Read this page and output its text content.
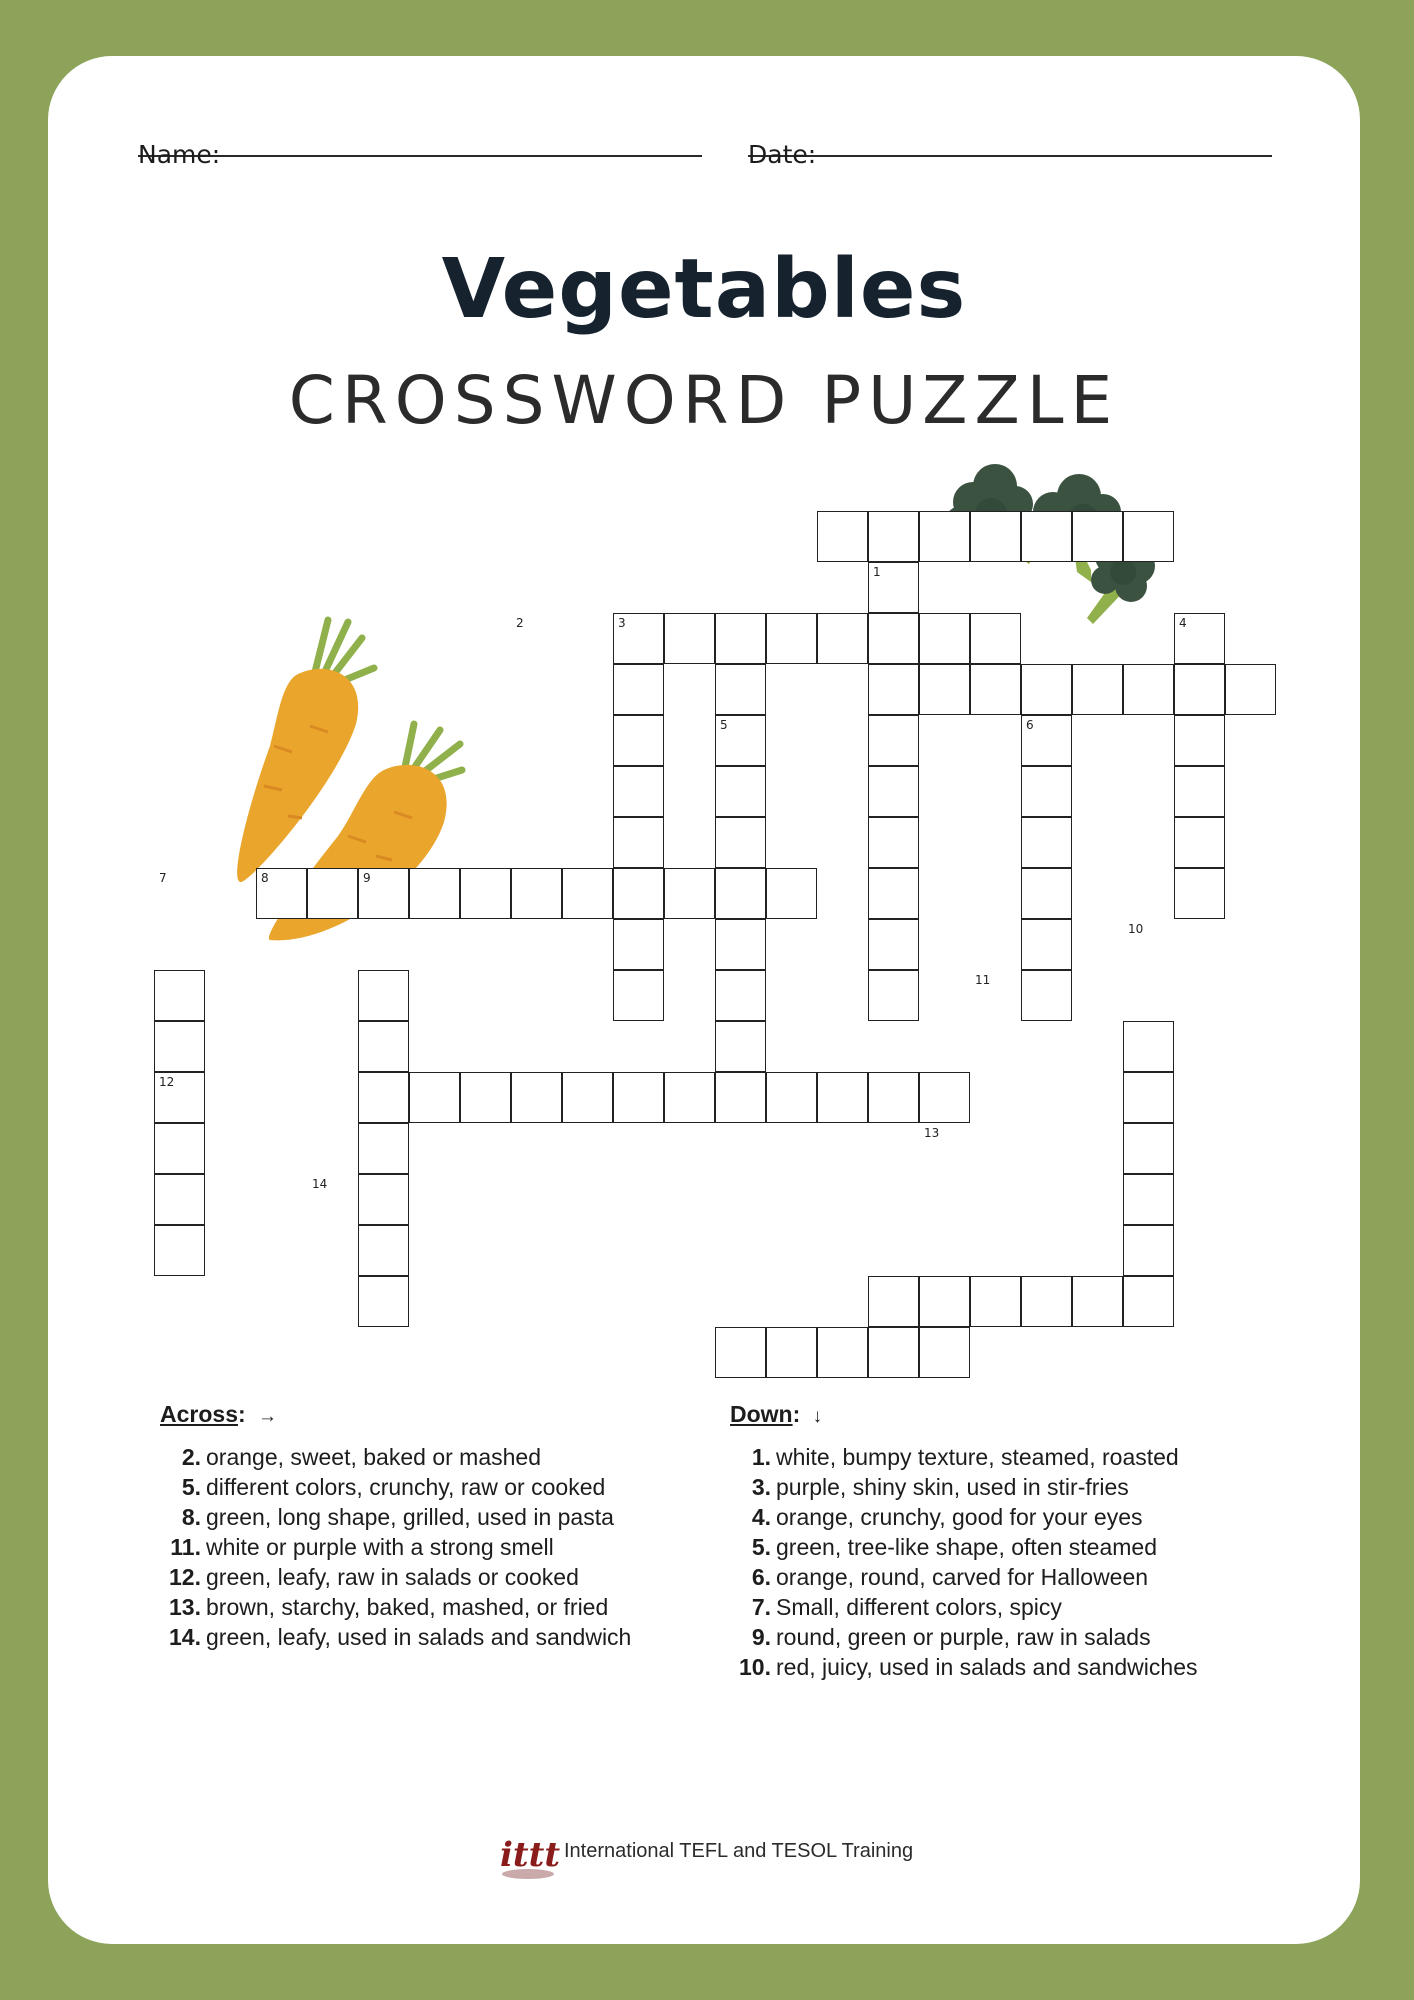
Name:	Date:
Vegetables
CROSSWORD PUZZLE
1
2	3	4
5	6
7	8	9
10
11
12
13
14
Across: →
2. orange, sweet, baked or mashed
5. different colors, crunchy, raw or cooked
8. green, long shape, grilled, used in pasta
11. white or purple with a strong smell
12. green, leafy, raw in salads or cooked
13. brown, starchy, baked, mashed, or fried
14. green, leafy, used in salads and sandwich
Down: ↓
1. white, bumpy texture, steamed, roasted
3. purple, shiny skin, used in stir-fries
4. orange, crunchy, good for your eyes
5. green, tree-like shape, often steamed
6. orange, round, carved for Halloween
7. Small, different colors, spicy
9. round, green or purple, raw in salads
10. red, juicy, used in salads and sandwiches
ittt International TEFL and TESOL Training
